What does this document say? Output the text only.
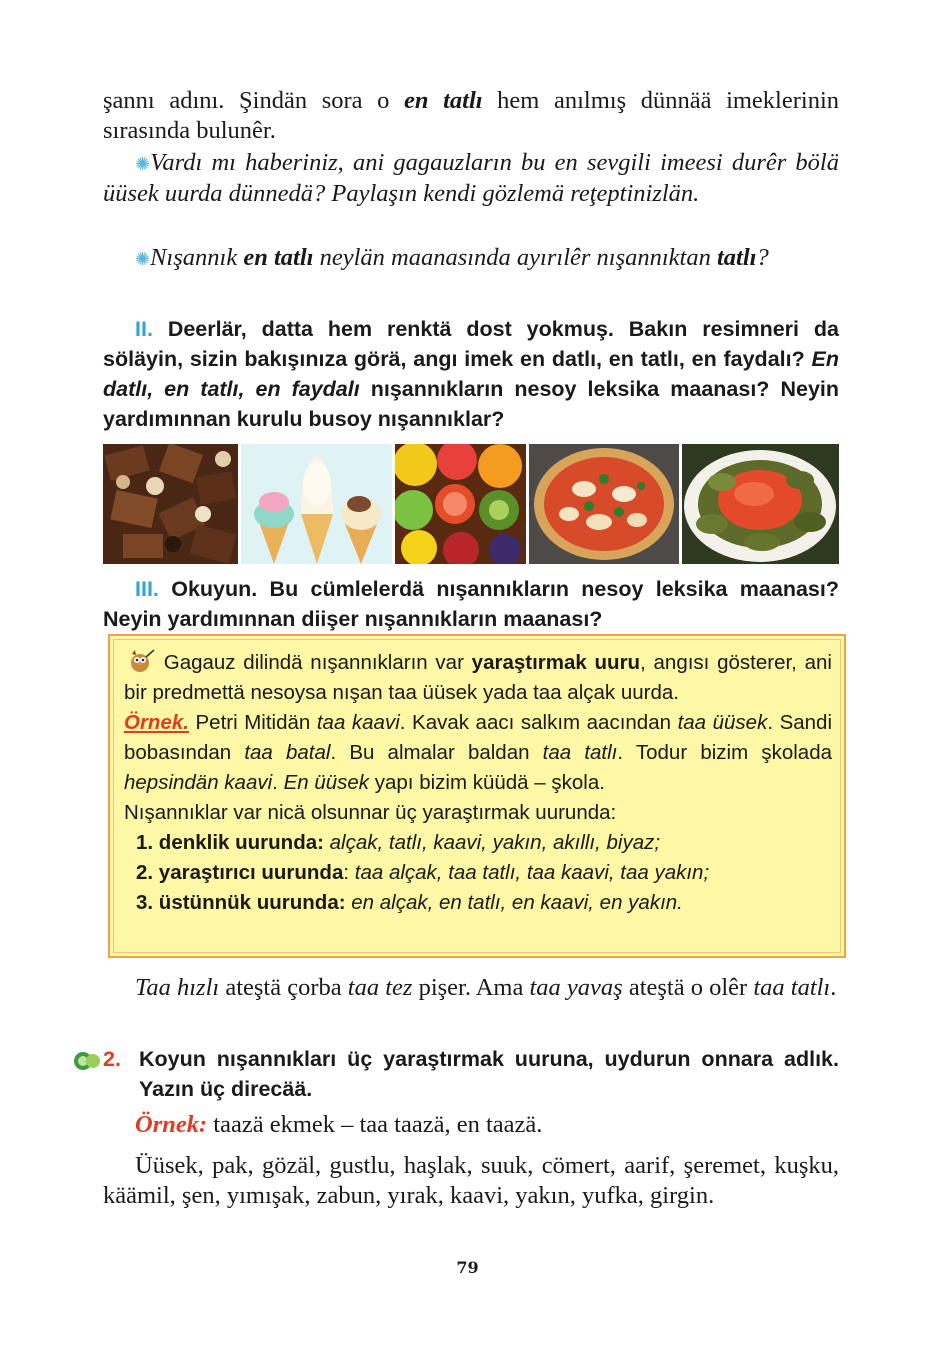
şannı adını. Şindän sora o en tatlı hem anılmış dünnää imeklerinin sırasında bulunêr.

✺Vardı mı haberiniz, ani gagauzların bu en sevgili imeesi durêr bölä üüsek uurda dünnedä? Paylaşın kendi gözlemä reţeptinizlän.

✺Nışannık en tatlı neylän maanasında ayırılêr nışannıktan tatlı?

II. Deerlär, datta hem renktä dost yokmuş. Bakın resimneri da söläyin, sizin bakışınıza görä, angı imek en datlı, en tatlı, en faydalı? En datlı, en tatlı, en faydalı nışannıkların nesoy leksika maanası? Neyin yardımınnan kurulu busoy nışannıklar?

III. Okuyun. Bu cümlelerdä nışannıkların nesoy leksika maanası? Neyin yardımınnan diişer nışannıkların maanası?

Gagauz dilindä nışannıkların var yaraştırmak uuru, angısı gösterer, ani bir predmettä nesoysa nışan taa üüsek yada taa alçak uurda.
Örnek. Petri Mitidän taa kaavi. Kavak aacı salkım aacından taa üüsek. Sandi bobasından taa batal. Bu almalar baldan taa tatlı. Todur bizim şkolada hepsindän kaavi. En üüsek yapı bizim küüdä – şkola.
Nışannıklar var nicä olsunnar üç yaraştırmak uurunda:
1. denklik uurunda: alçak, tatlı, kaavi, yakın, akıllı, biyaz;
2. yaraştırıcı uurunda: taa alçak, taa tatlı, taa kaavi, taa yakın;
3. üstünnük uurunda: en alçak, en tatlı, en kaavi, en yakın.

Taa hızlı ateştä çorba taa tez pişer. Ama taa yavaş ateştä o olêr taa tatlı.

2. Koyun nışannıkları üç yaraştırmak uuruna, uydurun onnara adlık. Yazın üç direcää.

Örnek: taazä ekmek – taa taazä, en taazä.

Üüsek, pak, gözäl, gustlu, haşlak, suuk, cömert, aarif, şeremet, kuşku, käämil, şen, yımışak, zabun, yırak, kaavi, yakın, yufka, girgin.

79
